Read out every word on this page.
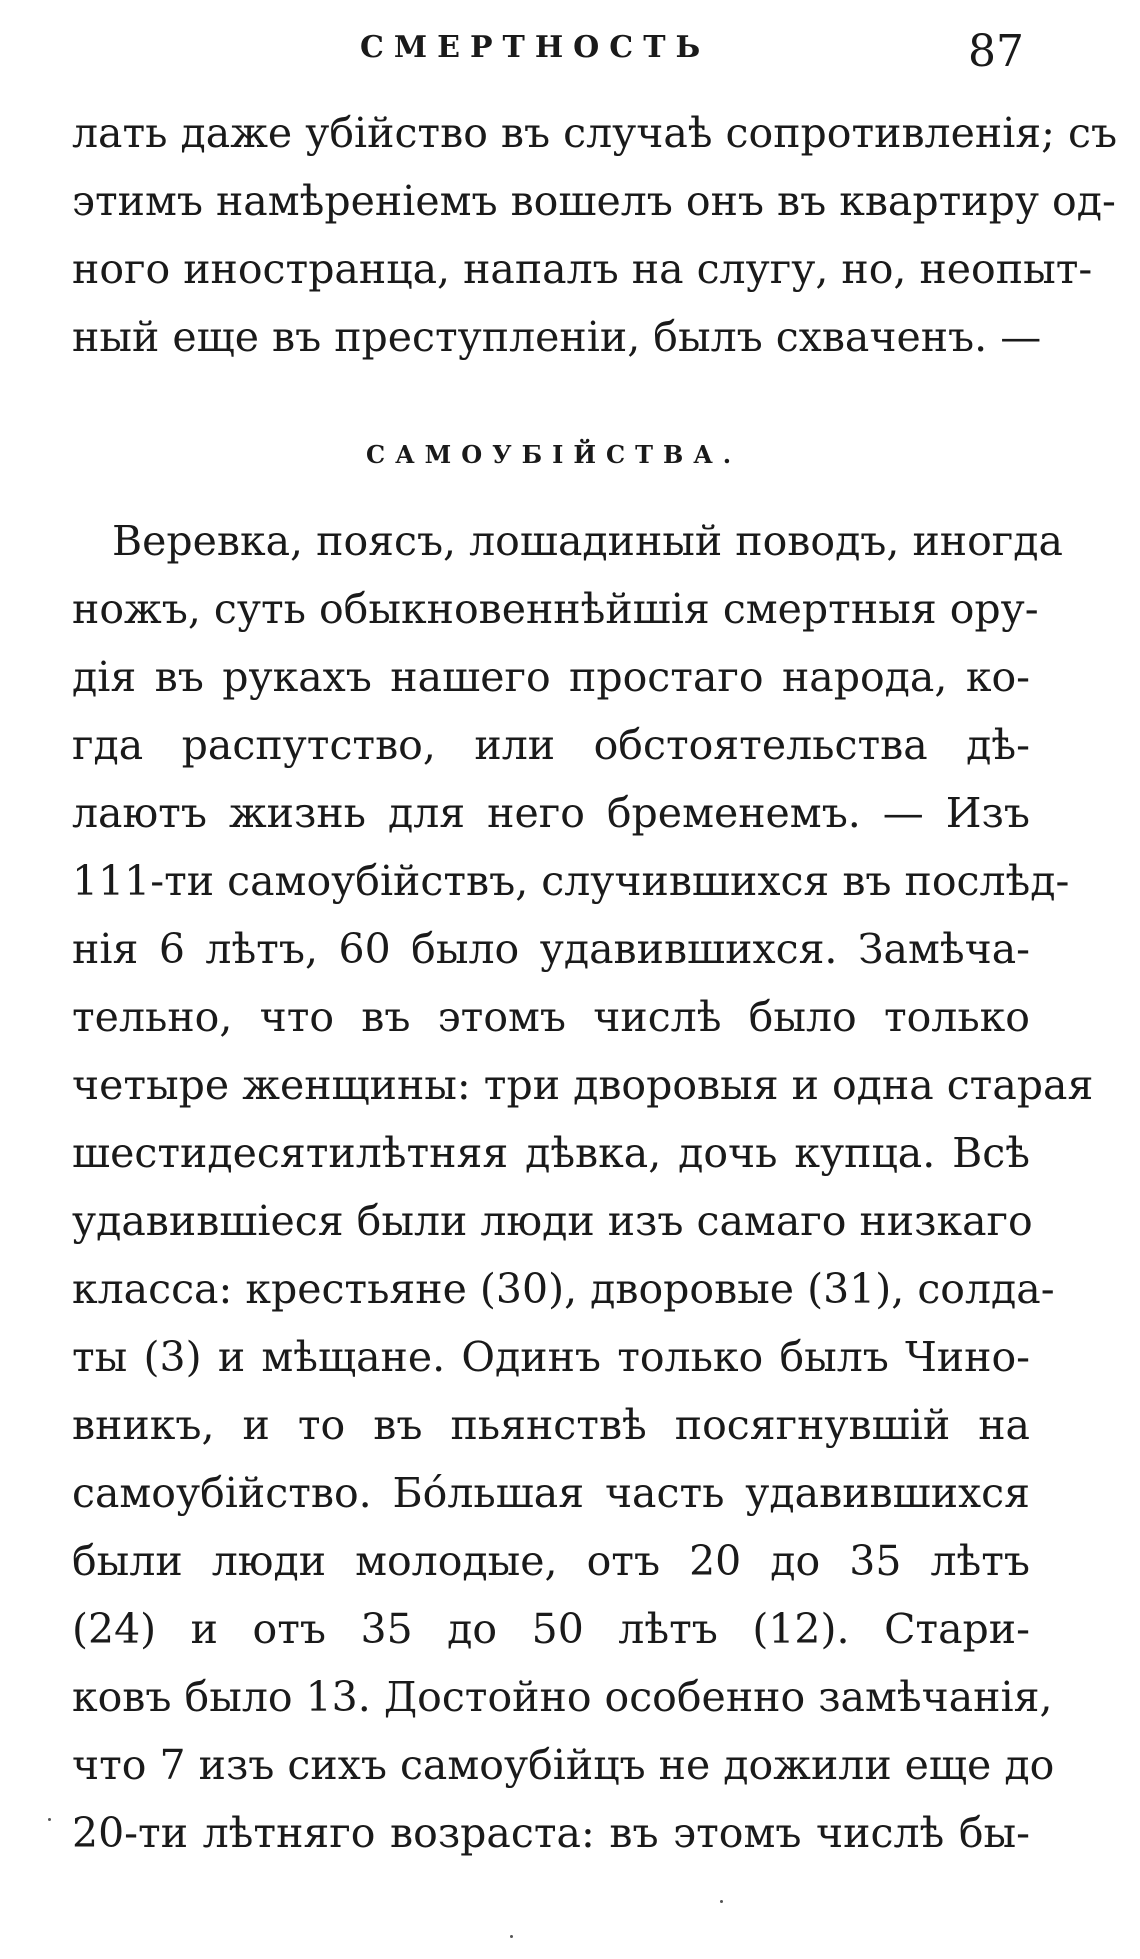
СМЕРТНОСТЬ	87
лать даже убійство въ случаѣ сопротивленія; съ
этимъ намѣреніемъ вошелъ онъ въ квартиру од-
ного иностранца, напалъ на слугу, но, неопыт-
ный еще въ преступленіи, былъ схваченъ. —
САМОУБІЙСТВА.
Веревка, поясъ, лошадиный поводъ, иногда
ножъ, суть обыкновеннѣйшія смертныя ору-
дія въ рукахъ нашего простаго народа, ко-
гда распутство, или обстоятельства дѣ-
лаютъ жизнь для него бременемъ. — Изъ
111-ти самоубійствъ, случившихся въ послѣд-
нія 6 лѣтъ, 60 было удавившихся. Замѣча-
тельно, что въ этомъ числѣ было только
четыре женщины: три дворовыя и одна старая
шестидесятилѣтняя дѣвка, дочь купца. Всѣ
удавившіеся были люди изъ самаго низкаго
класса: крестьяне (30), дворовые (31), солда-
ты (3) и мѣщане. Одинъ только былъ Чино-
вникъ, и то въ пьянствѣ посягнувшій на
самоубійство. Бóльшая часть удавившихся
были люди молодые, отъ 20 до 35 лѣтъ
(24) и отъ 35 до 50 лѣтъ (12). Стари-
ковъ было 13. Достойно особенно замѣчанія,
что 7 изъ сихъ самоубійцъ не дожили еще до
20-ти лѣтняго возраста: въ этомъ числѣ бы-
